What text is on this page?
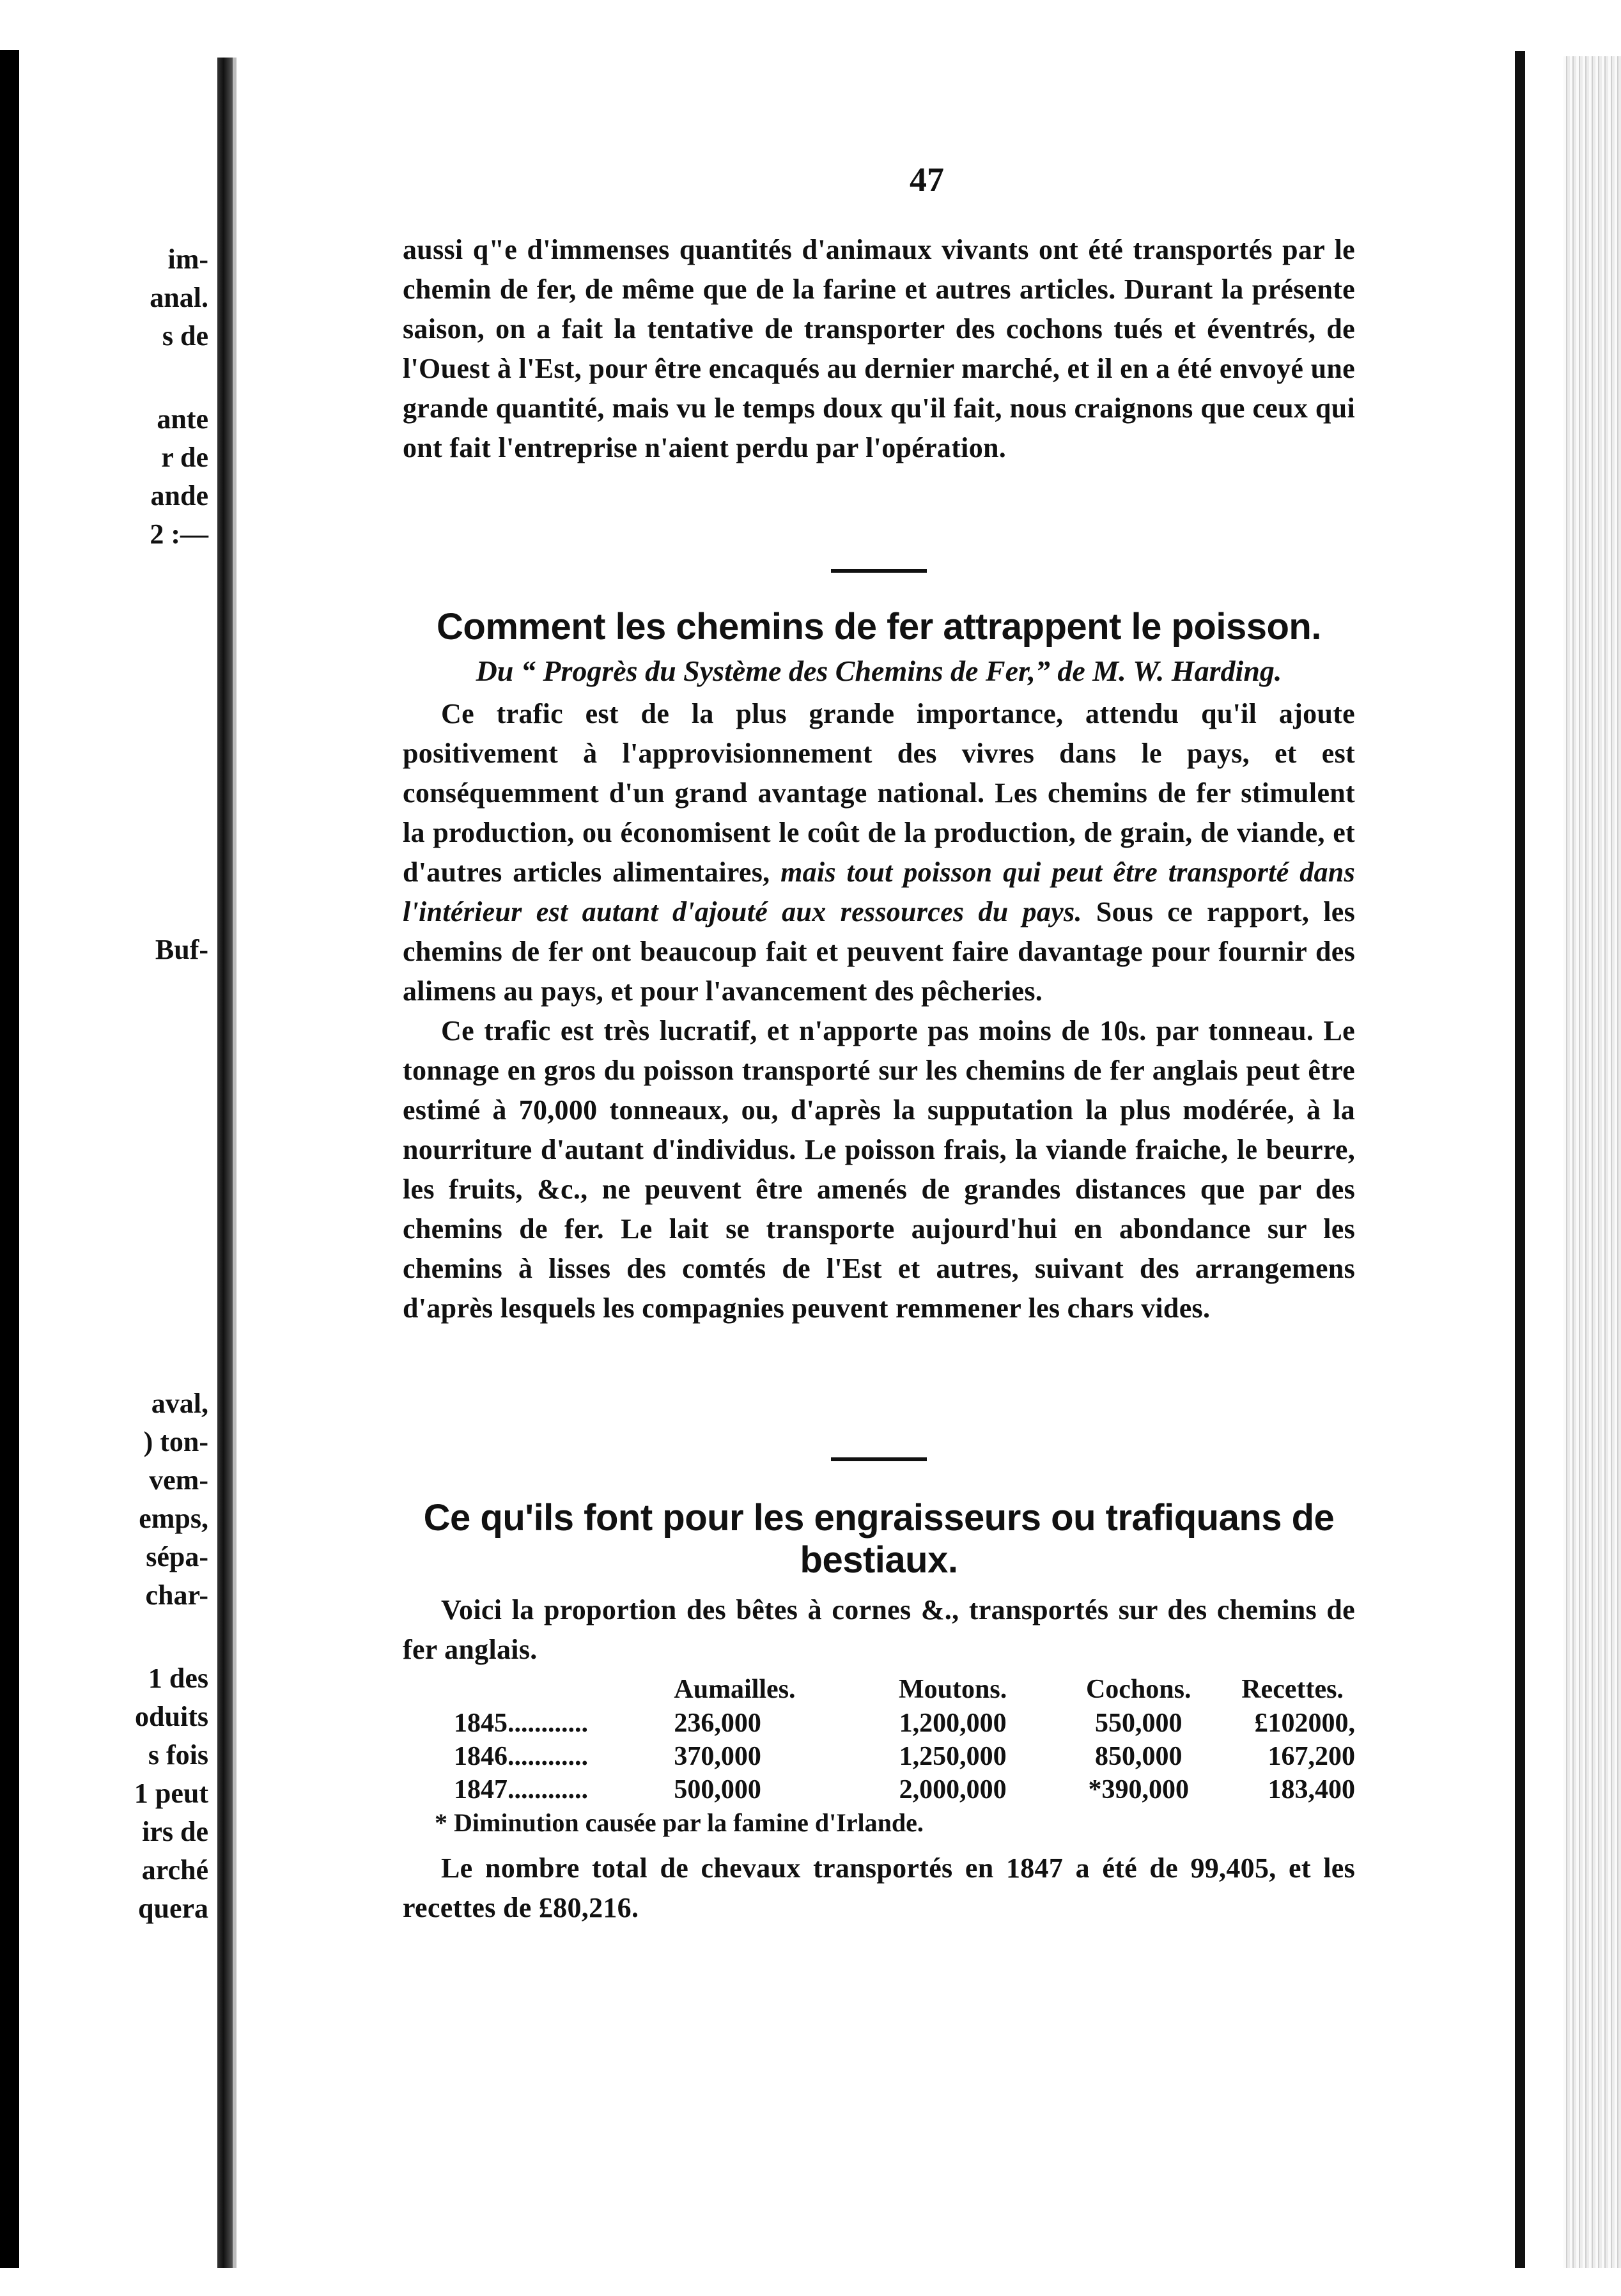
im-
anal.
s de
ante
r de
ande
2 :—
Buf-
aval,
) ton-
vem-
emps,
sépa-
char-
1 des
oduits
s fois
1 peut
irs de
arché
quera
47

aussi q"e d'immenses quantités d'animaux vivants ont été transportés par le chemin de fer, de même que de la farine et autres articles. Durant la présente saison, on a fait la tentative de transporter des cochons tués et éventrés, de l'Ouest à l'Est, pour être encaqués au dernier marché, et il en a été envoyé une grande quantité, mais vu le temps doux qu'il fait, nous craignons que ceux qui ont fait l'entreprise n'aient perdu par l'opération.

Comment les chemins de fer attrappent le poisson.

Du “ Progrès du Système des Chemins de Fer,” de M. W. Harding.

Ce trafic est de la plus grande importance, attendu qu'il ajoute positivement à l'approvisionnement des vivres dans le pays, et est conséquemment d'un grand avantage national. Les chemins de fer stimulent la production, ou économisent le coût de la production, de grain, de viande, et d'autres articles alimentaires, mais tout poisson qui peut être transporté dans l'intérieur est autant d'ajouté aux ressources du pays. Sous ce rapport, les chemins de fer ont beaucoup fait et peuvent faire davantage pour fournir des alimens au pays, et pour l'avancement des pêcheries.

Ce trafic est très lucratif, et n'apporte pas moins de 10s. par tonneau. Le tonnage en gros du poisson transporté sur les chemins de fer anglais peut être estimé à 70,000 tonneaux, ou, d'après la supputation la plus modérée, à la nourriture d'autant d'individus. Le poisson frais, la viande fraiche, le beurre, les fruits, &c., ne peuvent être amenés de grandes distances que par des chemins de fer. Le lait se transporte aujourd'hui en abondance sur les chemins à lisses des comtés de l'Est et autres, suivant des arrangemens d'après lesquels les compagnies peuvent remmener les chars vides.

Ce qu'ils font pour les engraisseurs ou trafiquans de bestiaux.

Voici la proportion des bêtes à cornes &., transportés sur des chemins de fer anglais.

	Aumailles.	Moutons.	Cochons.	Recettes.
1845............	236,000	1,200,000	550,000	£102000,
1846............	370,000	1,250,000	850,000	167,200
1847............	500,000	2,000,000	*390,000	183,400

* Diminution causée par la famine d'Irlande.

Le nombre total de chevaux transportés en 1847 a été de 99,405, et les recettes de £80,216.
